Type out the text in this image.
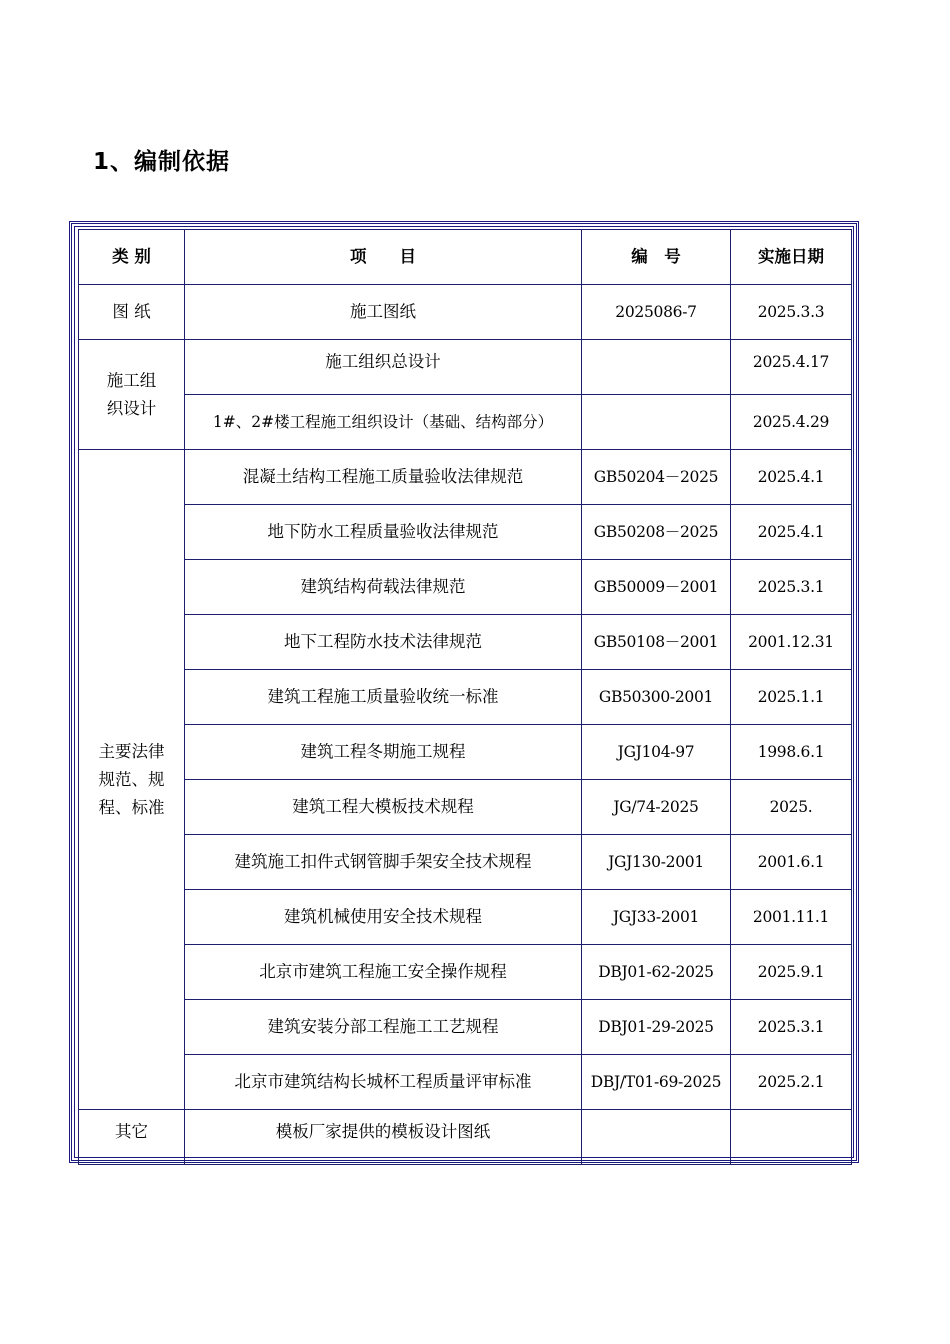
1、编制依据
类 别	项　　目	编　号	实施日期
图 纸	施工图纸	2025086-7	2025.3.3
施工组织设计	施工组织总设计		2025.4.17
	1#、2#楼工程施工组织设计（基础、结构部分）		2025.4.29
主要法律规范、规程、标准	混凝土结构工程施工质量验收法律规范	GB50204－2025	2025.4.1
	地下防水工程质量验收法律规范	GB50208－2025	2025.4.1
	建筑结构荷载法律规范	GB50009－2001	2025.3.1
	地下工程防水技术法律规范	GB50108－2001	2001.12.31
	建筑工程施工质量验收统一标准	GB50300-2001	2025.1.1
	建筑工程冬期施工规程	JGJ104-97	1998.6.1
	建筑工程大模板技术规程	JG/74-2025	2025.
	建筑施工扣件式钢管脚手架安全技术规程	JGJ130-2001	2001.6.1
	建筑机械使用安全技术规程	JGJ33-2001	2001.11.1
	北京市建筑工程施工安全操作规程	DBJ01-62-2025	2025.9.1
	建筑安装分部工程施工工艺规程	DBJ01-29-2025	2025.3.1
	北京市建筑结构长城杯工程质量评审标准	DBJ/T01-69-2025	2025.2.1
其它	模板厂家提供的模板设计图纸		
